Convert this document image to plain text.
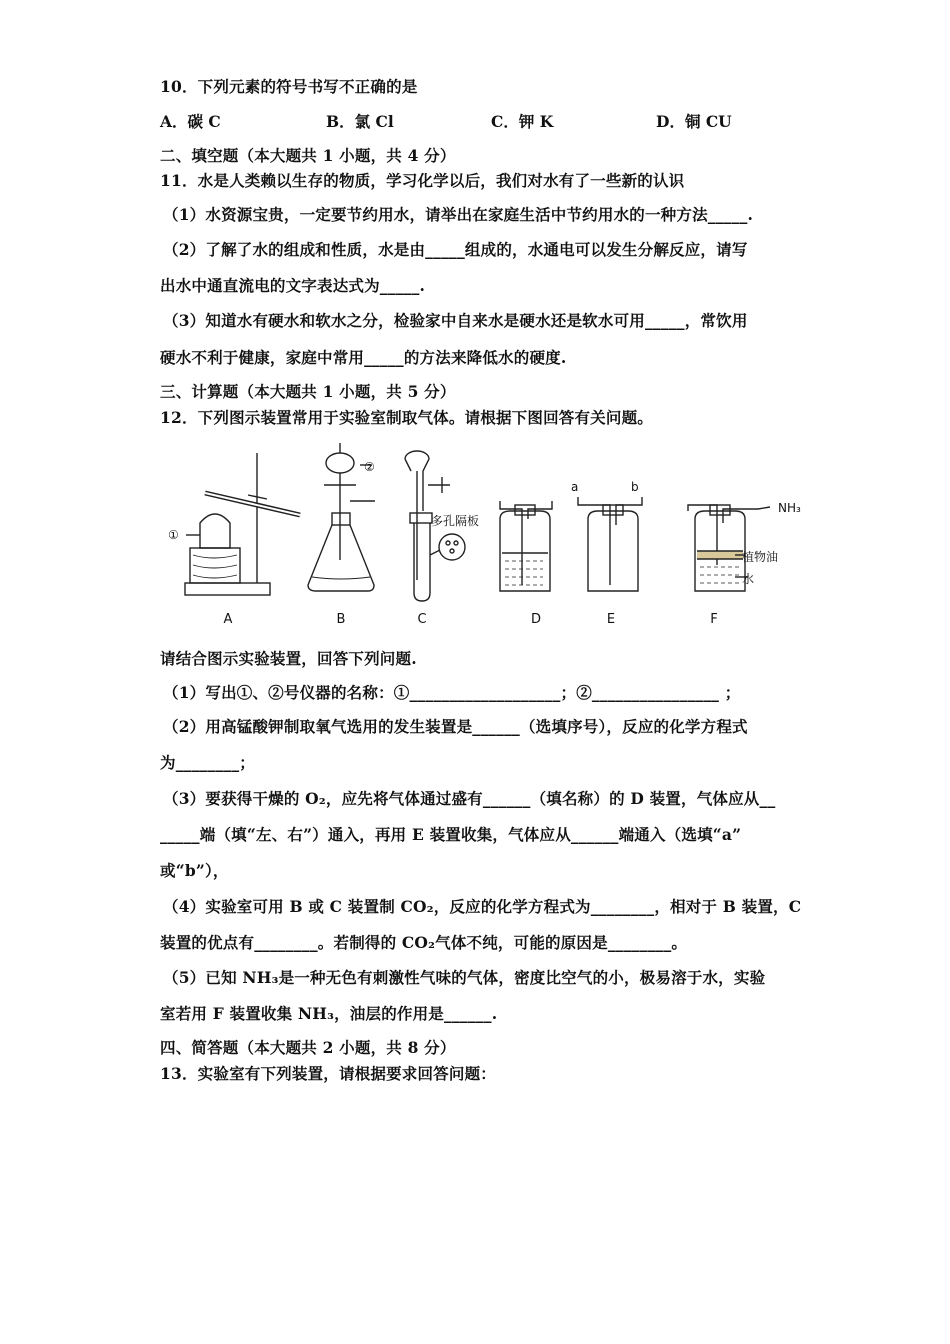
10．下列元素的符号书写不正确的是
A．碳 C	B．氯 Cl	C．钾 K	D．铜 CU
二、填空题（本大题共 1 小题，共 4 分）
11．水是人类赖以生存的物质，学习化学以后，我们对水有了一些新的认识
（1）水资源宝贵，一定要节约用水，请举出在家庭生活中节约用水的一种方法_____.
（2）了解了水的组成和性质，水是由_____组成的，水通电可以发生分解反应，请写
出水中通直流电的文字表达式为_____.
（3）知道水有硬水和软水之分，检验家中自来水是硬水还是软水可用_____，常饮用
硬水不利于健康，家庭中常用_____的方法来降低水的硬度.
三、计算题（本大题共 1 小题，共 5 分）
12．下列图示装置常用于实验室制取气体。请根据下图回答有关问题。
①
②
多孔隔板
a	b
NH₃
植物油
水
A	B	C	D	E	F
请结合图示实验装置，回答下列问题.
（1）写出①、②号仪器的名称：①___________________；②________________ ；
（2）用高锰酸钾制取氧气选用的发生装置是______（选填序号），反应的化学方程式
为________；
（3）要获得干燥的 O₂，应先将气体通过盛有______（填名称）的 D 装置，气体应从__
_____端（填“左、右”）通入，再用 E 装置收集，气体应从______端通入（选填“a”
或“b”），
（4）实验室可用 B 或 C 装置制 CO₂，反应的化学方程式为________，相对于 B 装置，C
装置的优点有________。若制得的 CO₂气体不纯，可能的原因是________。
（5）已知 NH₃是一种无色有刺激性气味的气体，密度比空气的小，极易溶于水，实验
室若用 F 装置收集 NH₃，油层的作用是______.
四、简答题（本大题共 2 小题，共 8 分）
13．实验室有下列装置，请根据要求回答问题：
